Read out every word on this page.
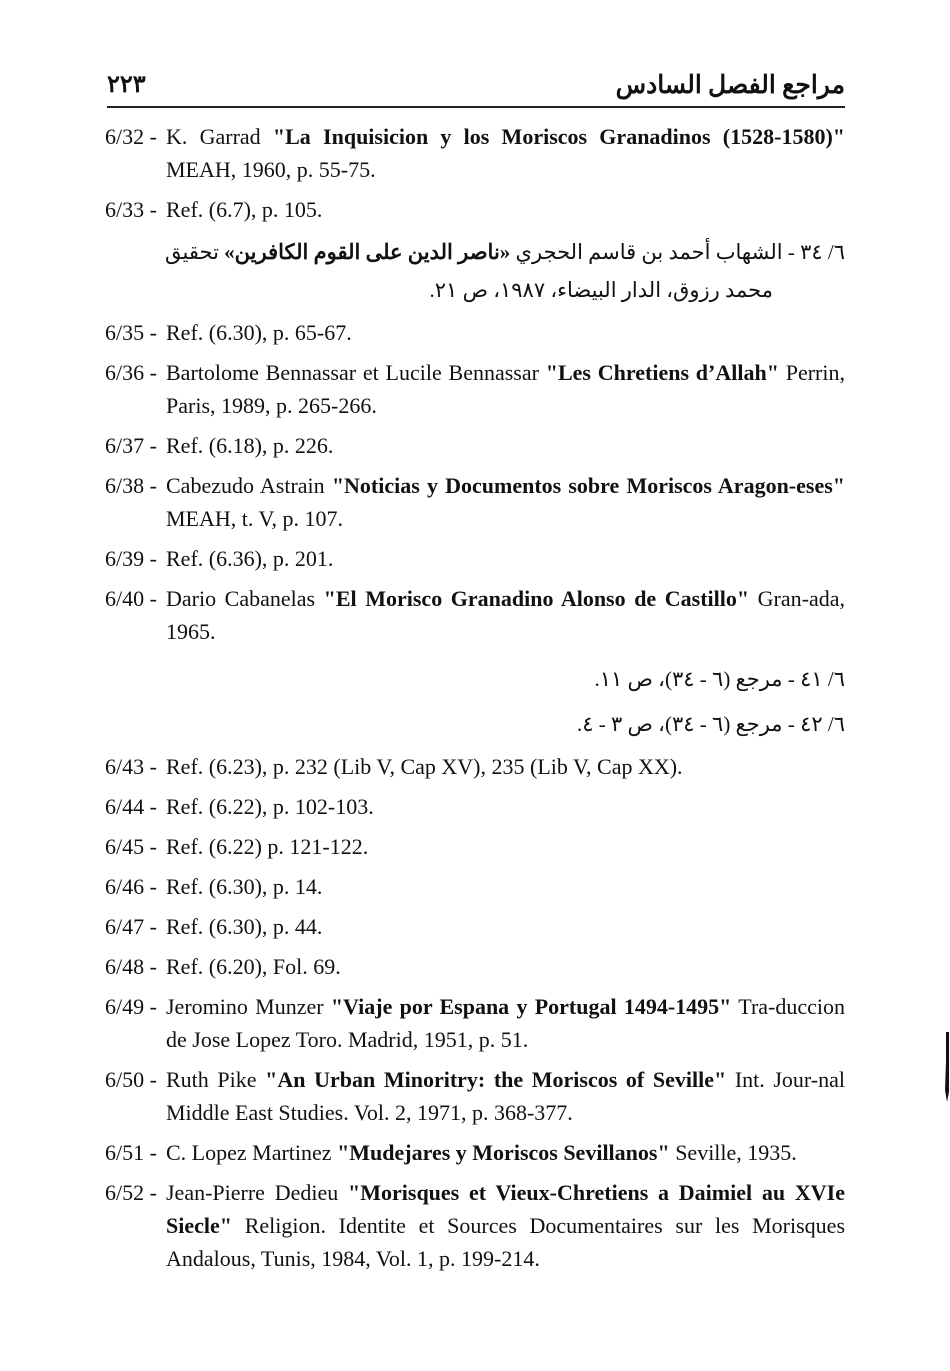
٢٢٣	مراجع الفصل السادس
6/32 - K. Garrad "La Inquisicion y los Moriscos Granadinos (1528-1580)" MEAH, 1960, p. 55-75.
6/33 - Ref. (6.7), p. 105.
٦/ ٣٤ - الشهاب أحمد بن قاسم الحجري «ناصر الدين على القوم الكافرين» تحقيق
محمد رزوق، الدار البيضاء، ١٩٨٧، ص ٢١.
6/35 - Ref. (6.30), p. 65-67.
6/36 - Bartolome Bennassar et Lucile Bennassar "Les Chretiens d’Allah" Perrin, Paris, 1989, p. 265-266.
6/37 - Ref. (6.18), p. 226.
6/38 - Cabezudo Astrain "Noticias y Documentos sobre Moriscos Aragon-eses" MEAH, t. V, p. 107.
6/39 - Ref. (6.36), p. 201.
6/40 - Dario Cabanelas "El Morisco Granadino Alonso de Castillo" Gran-ada, 1965.
٦/ ٤١ - مرجع (٦ - ٣٤)، ص ١١.
٦/ ٤٢ - مرجع (٦ - ٣٤)، ص ٣ - ٤.
6/43 - Ref. (6.23), p. 232 (Lib V, Cap XV), 235 (Lib V, Cap XX).
6/44 - Ref. (6.22), p. 102-103.
6/45 - Ref. (6.22) p. 121-122.
6/46 - Ref. (6.30), p. 14.
6/47 - Ref. (6.30), p. 44.
6/48 - Ref. (6.20), Fol. 69.
6/49 - Jeromino Munzer "Viaje por Espana y Portugal 1494-1495" Tra-duccion de Jose Lopez Toro. Madrid, 1951, p. 51.
6/50 - Ruth Pike "An Urban Minoritry: the Moriscos of Seville" Int. Jour-nal Middle East Studies. Vol. 2, 1971, p. 368-377.
6/51 - C. Lopez Martinez "Mudejares y Moriscos Sevillanos" Seville, 1935.
6/52 - Jean-Pierre Dedieu "Morisques et Vieux-Chretiens a Daimiel au XVIe Siecle" Religion. Identite et Sources Documentaires sur les Morisques Andalous, Tunis, 1984, Vol. 1, p. 199-214.
